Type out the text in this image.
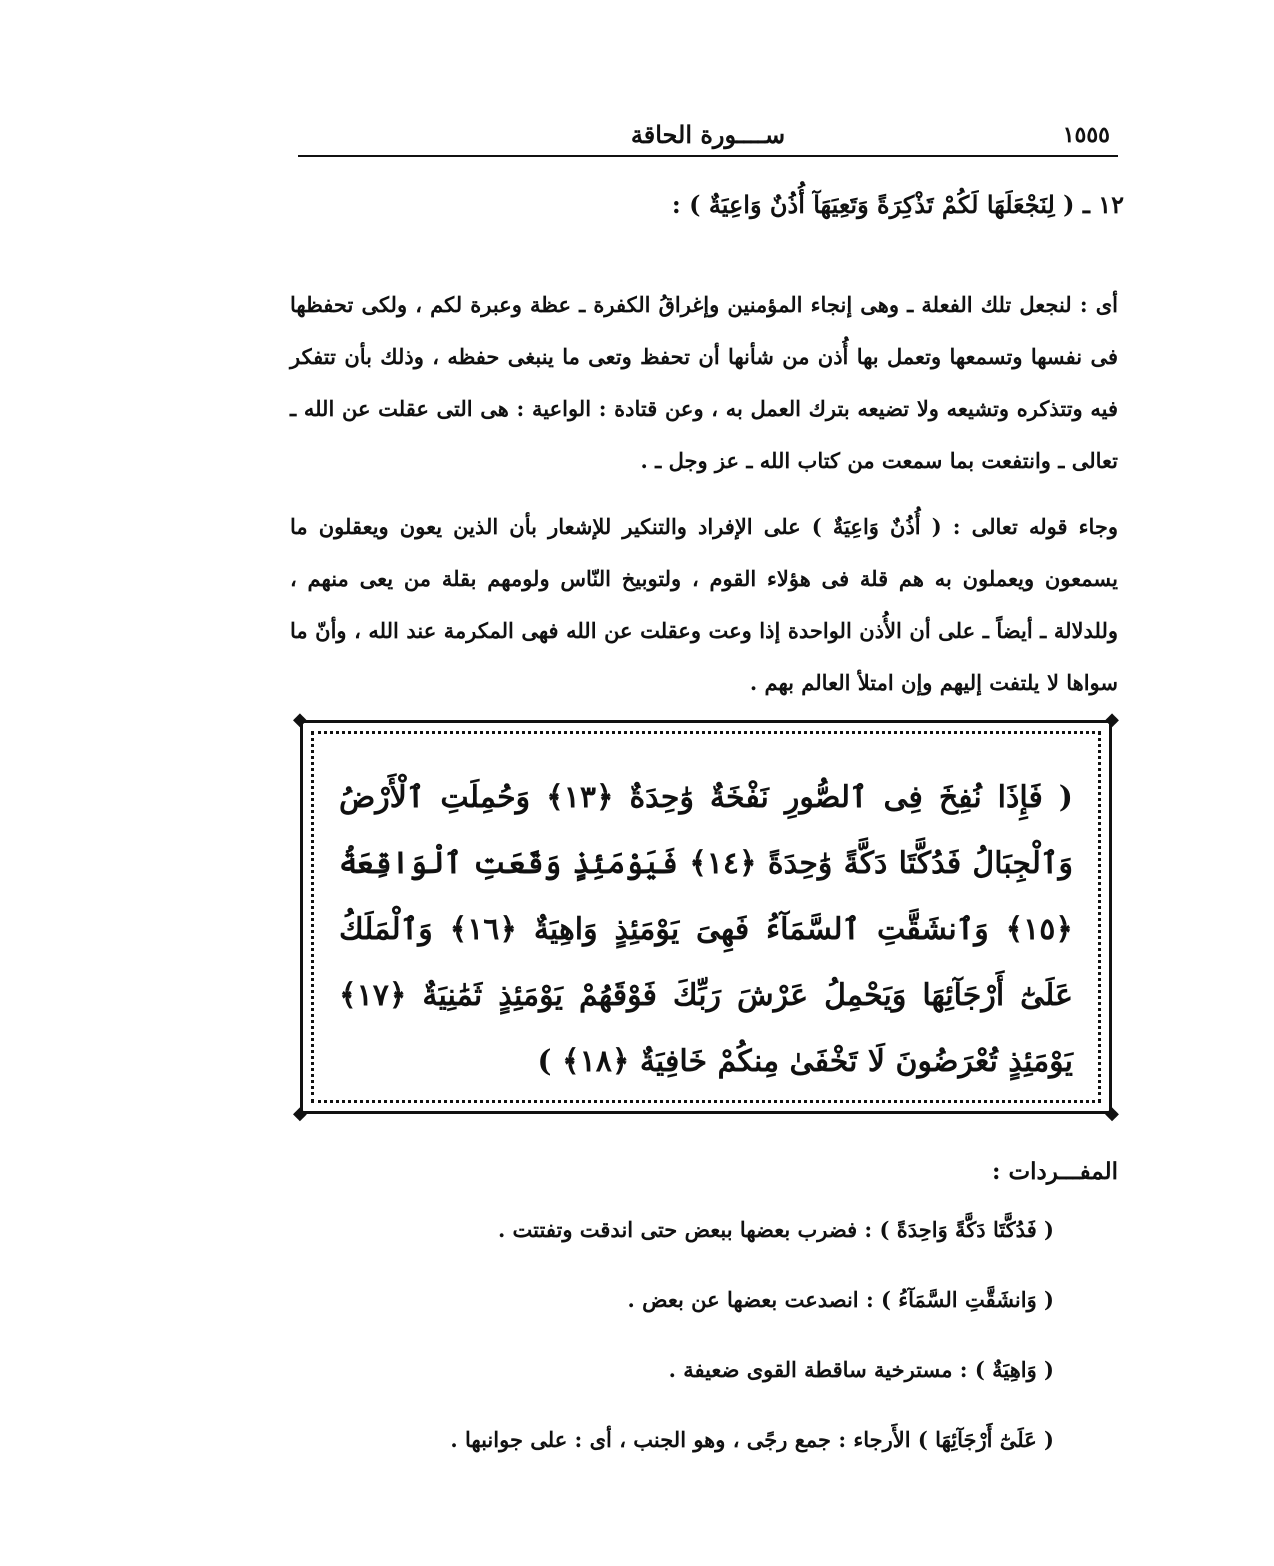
١٥٥٥
ســــورة الحاقة
١٢ ـ ( لِنَجْعَلَهَا لَكُمْ تَذْكِرَةً وَتَعِيَهَآ أُذُنٌ وَاعِيَةٌ ) :

أى : لنجعل تلك الفعلة ـ وهى إنجاء المؤمنين وإغراقُ الكفرة ـ عظة وعبرة لكم ، ولكى تحفظها فى نفسها وتسمعها وتعمل بها أُذن من شأنها أن تحفظ وتعى ما ينبغى حفظه ، وذلك بأن تتفكر فيه وتتذكره وتشيعه ولا تضيعه بترك العمل به ، وعن قتادة : الواعية : هى التى عقلت عن الله ـ تعالى ـ وانتفعت بما سمعت من كتاب الله ـ عز وجل ـ .

وجاء قوله تعالى : ( أُذُنٌ وَاعِيَةٌ ) على الإفراد والتنكير للإشعار بأن الذين يعون ويعقلون ما يسمعون ويعملون به هم قلة فى هؤلاء القوم ، ولتوبيخ النّاس ولومهم بقلة من يعى منهم ، وللدلالة ـ أيضاً ـ على أن الأُذن الواحدة إذا وعت وعقلت عن الله فهى المكرمة عند الله ، وأنّ ما سواها لا يلتفت إليهم وإن امتلأ العالم بهم .

◆	◆
◆	◆
( فَإِذَا نُفِخَ فِى ٱلصُّورِ نَفْخَةٌ وَٰحِدَةٌ ﴿١٣﴾ وَحُمِلَتِ ٱلْأَرْضُ وَٱلْجِبَالُ فَدُكَّتَا دَكَّةً وَٰحِدَةً ﴿١٤﴾ فَيَوْمَئِذٍ وَقَعَتِ ٱلْوَاقِعَةُ ﴿١٥﴾ وَٱنشَقَّتِ ٱلسَّمَآءُ فَهِىَ يَوْمَئِذٍ وَاهِيَةٌ ﴿١٦﴾ وَٱلْمَلَكُ عَلَىٰٓ أَرْجَآئِهَا وَيَحْمِلُ عَرْشَ رَبِّكَ فَوْقَهُمْ يَوْمَئِذٍ ثَمَٰنِيَةٌ ﴿١٧﴾ يَوْمَئِذٍ تُعْرَضُونَ لَا تَخْفَىٰ مِنكُمْ خَافِيَةٌ ﴿١٨﴾ )
المفـــردات :
( فَدُكَّتَا دَكَّةً وَاحِدَةً ) : فضرب بعضها ببعض حتى اندقت وتفتتت .
( وَانشَقَّتِ السَّمَآءُ ) : انصدعت بعضها عن بعض .
( وَاهِيَةٌ ) : مسترخية ساقطة القوى ضعيفة .
( عَلَىٰٓ أَرْجَآئِهَا ) الأَرجاء : جمع رجًى ، وهو الجنب ، أى : على جوانبها .
